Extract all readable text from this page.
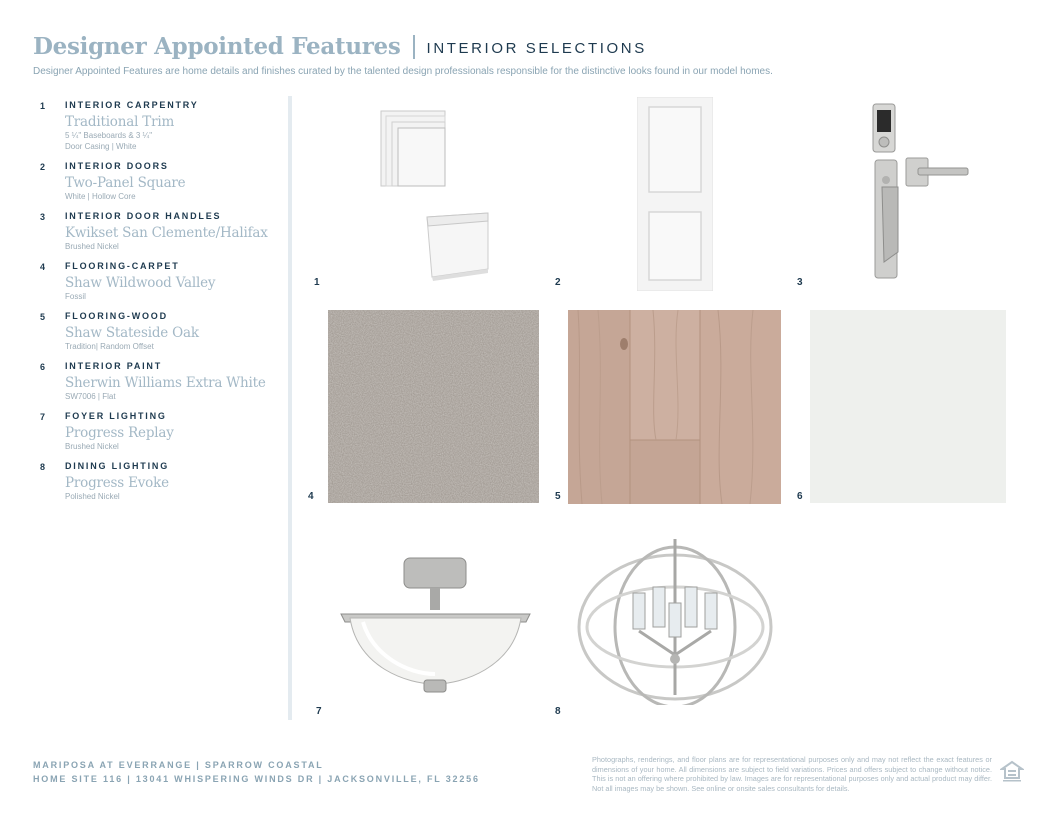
Designer Appointed Features INTERIOR SELECTIONS
Designer Appointed Features are home details and finishes curated by the talented design professionals responsible for the distinctive looks found in our model homes.
1	INTERIOR CARPENTRY
Traditional Trim
5 ¼" Baseboards & 3 ¼"
Door Casing | White
2	INTERIOR DOORS
Two-Panel Square
White | Hollow Core
3	INTERIOR DOOR HANDLES
Kwikset San Clemente/Halifax
Brushed Nickel
4	FLOORING-CARPET
Shaw Wildwood Valley
Fossil
5	FLOORING-WOOD
Shaw Stateside Oak
Tradition| Random Offset
6	INTERIOR PAINT
Sherwin Williams Extra White
SW7006 | Flat
7	FOYER LIGHTING
Progress Replay
Brushed Nickel
8	DINING LIGHTING
Progress Evoke
Polished Nickel
1	2	3
4	5	6
7	8
MARIPOSA AT EVERRANGE | SPARROW COASTAL
HOME SITE 116 | 13041 WHISPERING WINDS DR | JACKSONVILLE, FL 32256
Photographs, renderings, and floor plans are for representational purposes only and may not reflect the exact features or dimensions of your home. All dimensions are subject to field variations. Prices and offers subject to change without notice. This is not an offering where prohibited by law. Images are for representational purposes only and actual product may differ. Not all images may be shown. See online or onsite sales consultants for details.
